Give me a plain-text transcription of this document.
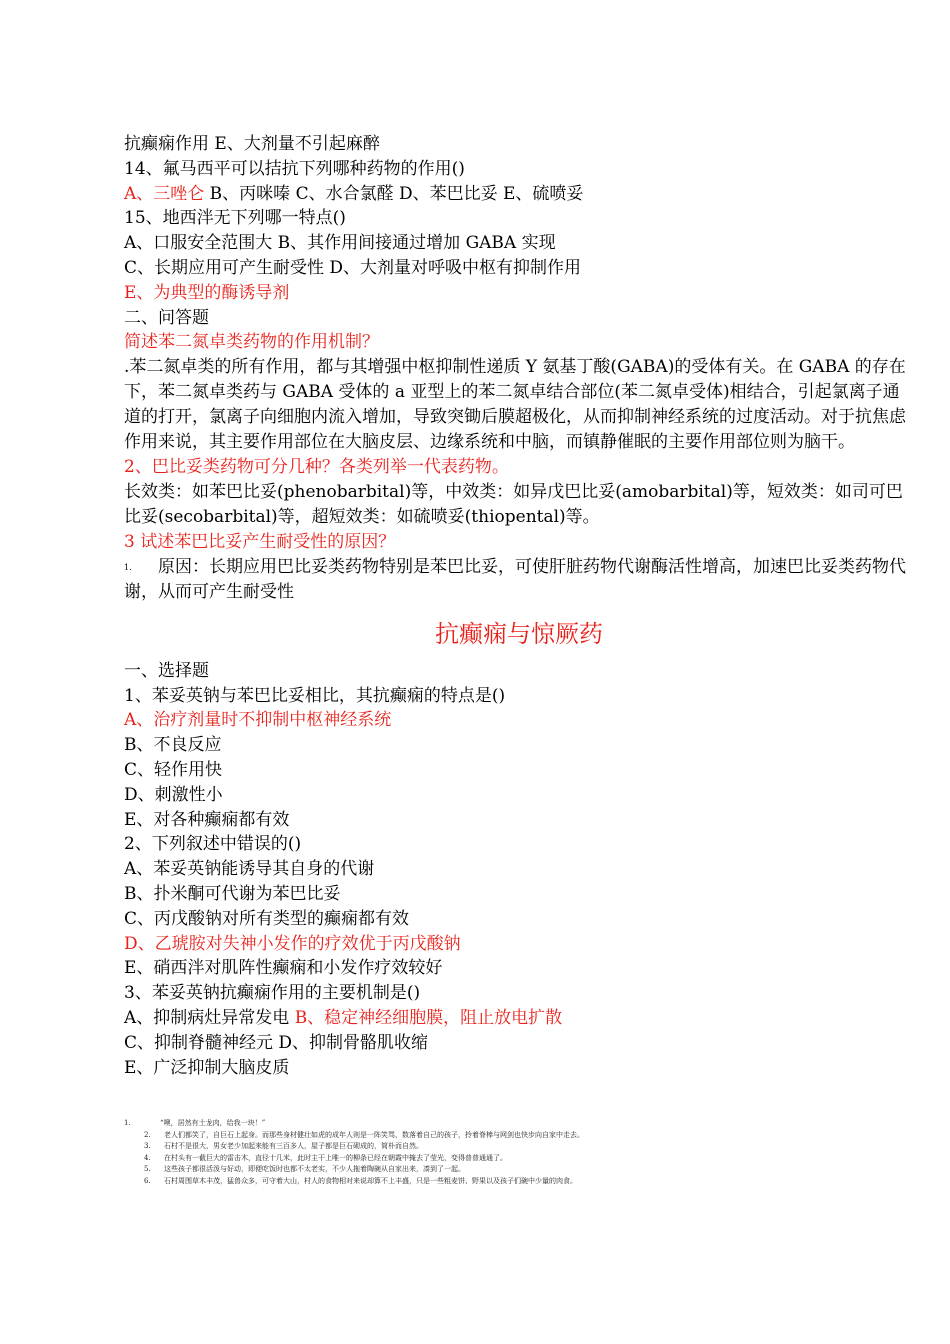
抗癫痫作用 E、大剂量不引起麻醉
14、氟马西平可以拮抗下列哪种药物的作用()
A、三唑仑 B、丙咪嗪 C、水合氯醛 D、苯巴比妥 E、硫喷妥
15、地西泮无下列哪一特点()
A、口服安全范围大 B、其作用间接通过增加 GABA 实现
C、长期应用可产生耐受性 D、大剂量对呼吸中枢有抑制作用
E、为典型的酶诱导剂
二、问答题
简述苯二氮卓类药物的作用机制？
.苯二氮卓类的所有作用，都与其增强中枢抑制性递质 Y 氨基丁酸(GABA)的受体有关。在 GABA 的存在下，苯二氮卓类药与 GABA 受体的 a 亚型上的苯二氮卓结合部位(苯二氮卓受体)相结合，引起氯离子通道的打开，氯离子向细胞内流入增加，导致突锄后膜超极化，从而抑制神经系统的过度活动。对于抗焦虑作用来说，其主要作用部位在大脑皮层、边缘系统和中脑，而镇静催眠的主要作用部位则为脑干。
2、巴比妥类药物可分几种？各类列举一代表药物。
长效类：如苯巴比妥(phenobarbital)等，中效类：如异戊巴比妥(amobarbital)等，短效类：如司可巴比妥(secobarbital)等，超短效类：如硫喷妥(thiopental)等。
3 试述苯巴比妥产生耐受性的原因？
1. 原因：长期应用巴比妥类药物特别是苯巴比妥，可使肝脏药物代谢酶活性增高，加速巴比妥类药物代谢，从而可产生耐受性
抗癫痫与惊厥药
一、选择题
1、苯妥英钠与苯巴比妥相比，其抗癫痫的特点是()
A、治疗剂量时不抑制中枢神经系统
B、不良反应
C、轻作用快
D、刺激性小
E、对各种癫痫都有效
2、下列叙述中错误的()
A、苯妥英钠能诱导其自身的代谢
B、扑米酮可代谢为苯巴比妥
C、丙戊酸钠对所有类型的癫痫都有效
D、乙琥胺对失神小发作的疗效优于丙戊酸钠
E、硝西泮对肌阵性癫痫和小发作疗效较好
3、苯妥英钠抗癫痫作用的主要机制是()
A、抑制病灶异常发电 B、稳定神经细胞膜，阻止放电扩散
C、抑制脊髓神经元 D、抑制骨骼肌收缩
E、广泛抑制大脑皮质
1.	“噢，居然有土龙肉，给我一块！”
2. 老人们都笑了，自巨石上起身。而那些身材健壮如虎的成年人则是一阵笑骂，数落着自己的孩子，拎着脊棒与网剑也快步向自家中走去。
3. 石村不是很大，男女老少加起来能有三百多人，屋子都是巨石砌成的，简朴而自然。
4. 在村头有一截巨大的雷击木，直径十几米，此时主干上唯一的柳条已经在朝霞中掩去了莹光，变得普普通通了。
5. 这些孩子都很活泼与好动，即便吃饭时也都不太老实，不少人拖着陶碗从自家出来，凑到了一起。
6. 石村周围草木丰茂，猛兽众多，可守着大山，村人的食物相对来说却算不上丰盛，只是一些粗麦饼、野果以及孩子们碗中少量的肉食。
